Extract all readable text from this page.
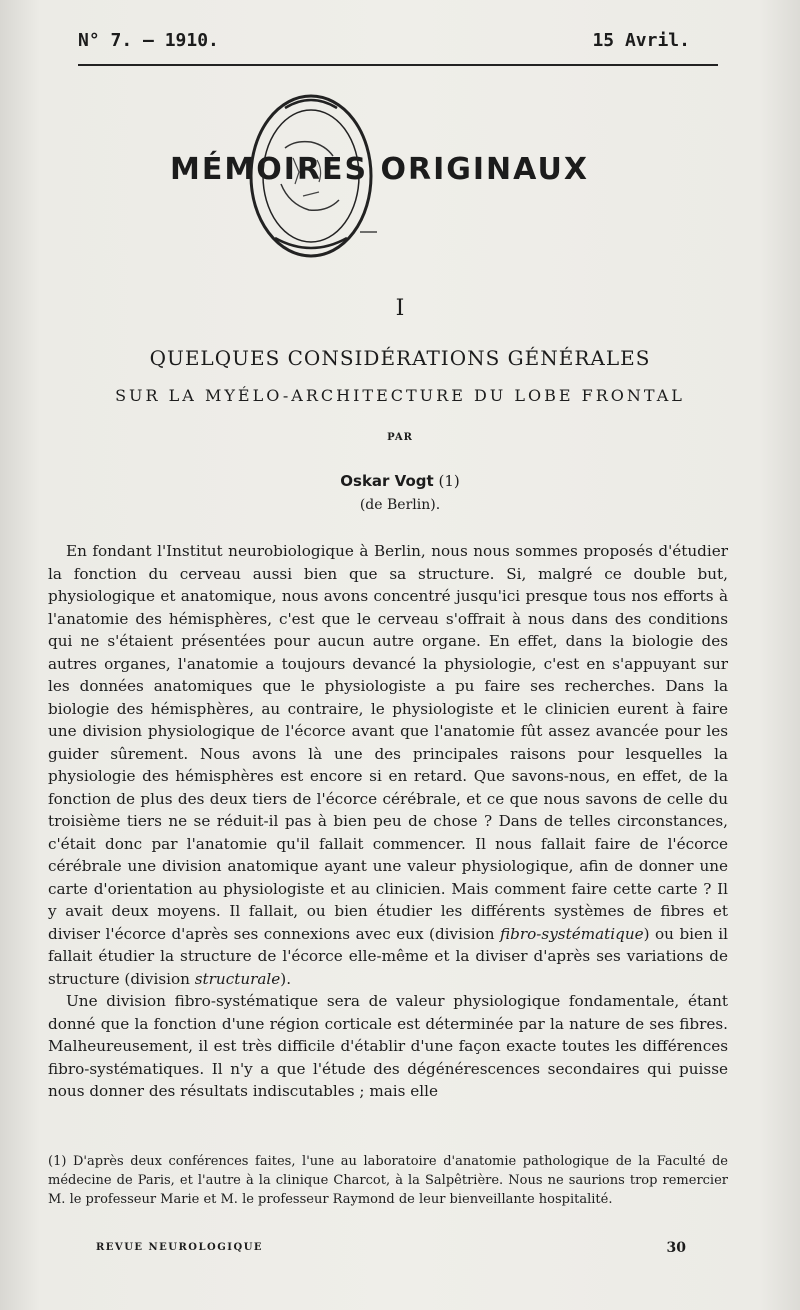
N° 7. — 1910.	15 Avril.
MÉMOIRES ORIGINAUX
I
QUELQUES CONSIDÉRATIONS GÉNÉRALES
SUR LA MYÉLO-ARCHITECTURE DU LOBE FRONTAL
PAR
Oskar Vogt (1)
(de Berlin).

En fondant l'Institut neurobiologique à Berlin, nous nous sommes proposés d'étudier la fonction du cerveau aussi bien que sa structure. Si, malgré ce double but, physiologique et anatomique, nous avons concentré jusqu'ici presque tous nos efforts à l'anatomie des hémisphères, c'est que le cerveau s'offrait à nous dans des conditions qui ne s'étaient présentées pour aucun autre organe. En effet, dans la biologie des autres organes, l'anatomie a toujours devancé la physiologie, c'est en s'appuyant sur les données anatomiques que le physiologiste a pu faire ses recherches. Dans la biologie des hémisphères, au contraire, le physiologiste et le clinicien eurent à faire une division physiologique de l'écorce avant que l'anatomie fût assez avancée pour les guider sûrement. Nous avons là une des principales raisons pour lesquelles la physiologie des hémisphères est encore si en retard. Que savons-nous, en effet, de la fonction de plus des deux tiers de l'écorce cérébrale, et ce que nous savons de celle du troisième tiers ne se réduit-il pas à bien peu de chose ? Dans de telles circonstances, c'était donc par l'anatomie qu'il fallait commencer. Il nous fallait faire de l'écorce cérébrale une division anatomique ayant une valeur physiologique, afin de donner une carte d'orientation au physiologiste et au clinicien. Mais comment faire cette carte ? Il y avait deux moyens. Il fallait, ou bien étudier les différents systèmes de fibres et diviser l'écorce d'après ses connexions avec eux (division fibro-systématique) ou bien il fallait étudier la structure de l'écorce elle-même et la diviser d'après ses variations de structure (division structurale).

Une division fibro-systématique sera de valeur physiologique fondamentale, étant donné que la fonction d'une région corticale est déterminée par la nature de ses fibres. Malheureusement, il est très difficile d'établir d'une façon exacte toutes les différences fibro-systématiques. Il n'y a que l'étude des dégénérescences secondaires qui puisse nous donner des résultats indiscutables ; mais elle

(1) D'après deux conférences faites, l'une au laboratoire d'anatomie pathologique de la Faculté de médecine de Paris, et l'autre à la clinique Charcot, à la Salpêtrière. Nous ne saurions trop remercier M. le professeur Marie et M. le professeur Raymond de leur bienveillante hospitalité.
REVUE NEUROLOGIQUE	30
